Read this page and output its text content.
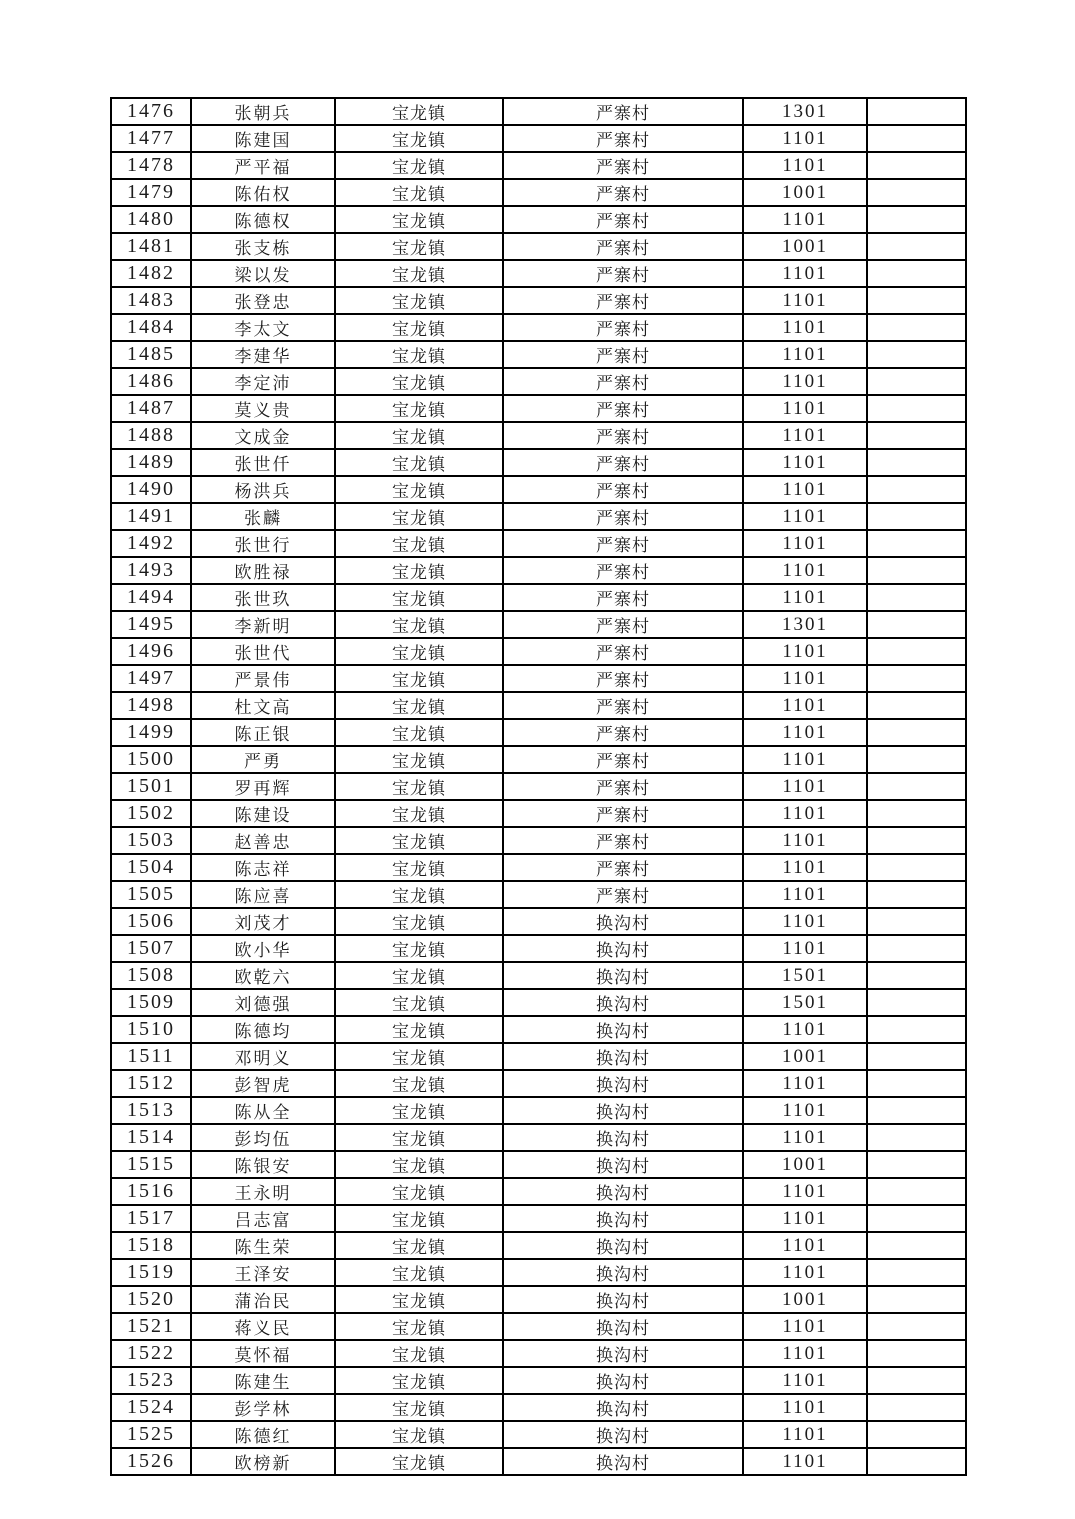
1476	张朝兵	宝龙镇	严寨村	1301	
1477	陈建国	宝龙镇	严寨村	1101	
1478	严平福	宝龙镇	严寨村	1101	
1479	陈佑权	宝龙镇	严寨村	1001	
1480	陈德权	宝龙镇	严寨村	1101	
1481	张支栋	宝龙镇	严寨村	1001	
1482	梁以发	宝龙镇	严寨村	1101	
1483	张登忠	宝龙镇	严寨村	1101	
1484	李太文	宝龙镇	严寨村	1101	
1485	李建华	宝龙镇	严寨村	1101	
1486	李定沛	宝龙镇	严寨村	1101	
1487	莫义贵	宝龙镇	严寨村	1101	
1488	文成金	宝龙镇	严寨村	1101	
1489	张世仟	宝龙镇	严寨村	1101	
1490	杨洪兵	宝龙镇	严寨村	1101	
1491	张麟	宝龙镇	严寨村	1101	
1492	张世行	宝龙镇	严寨村	1101	
1493	欧胜禄	宝龙镇	严寨村	1101	
1494	张世玖	宝龙镇	严寨村	1101	
1495	李新明	宝龙镇	严寨村	1301	
1496	张世代	宝龙镇	严寨村	1101	
1497	严景伟	宝龙镇	严寨村	1101	
1498	杜文高	宝龙镇	严寨村	1101	
1499	陈正银	宝龙镇	严寨村	1101	
1500	严勇	宝龙镇	严寨村	1101	
1501	罗再辉	宝龙镇	严寨村	1101	
1502	陈建设	宝龙镇	严寨村	1101	
1503	赵善忠	宝龙镇	严寨村	1101	
1504	陈志祥	宝龙镇	严寨村	1101	
1505	陈应喜	宝龙镇	严寨村	1101	
1506	刘茂才	宝龙镇	换沟村	1101	
1507	欧小华	宝龙镇	换沟村	1101	
1508	欧乾六	宝龙镇	换沟村	1501	
1509	刘德强	宝龙镇	换沟村	1501	
1510	陈德均	宝龙镇	换沟村	1101	
1511	邓明义	宝龙镇	换沟村	1001	
1512	彭智虎	宝龙镇	换沟村	1101	
1513	陈从全	宝龙镇	换沟村	1101	
1514	彭均伍	宝龙镇	换沟村	1101	
1515	陈银安	宝龙镇	换沟村	1001	
1516	王永明	宝龙镇	换沟村	1101	
1517	吕志富	宝龙镇	换沟村	1101	
1518	陈生荣	宝龙镇	换沟村	1101	
1519	王泽安	宝龙镇	换沟村	1101	
1520	蒲治民	宝龙镇	换沟村	1001	
1521	蒋义民	宝龙镇	换沟村	1101	
1522	莫怀福	宝龙镇	换沟村	1101	
1523	陈建生	宝龙镇	换沟村	1101	
1524	彭学林	宝龙镇	换沟村	1101	
1525	陈德红	宝龙镇	换沟村	1101	
1526	欧榜新	宝龙镇	换沟村	1101	
